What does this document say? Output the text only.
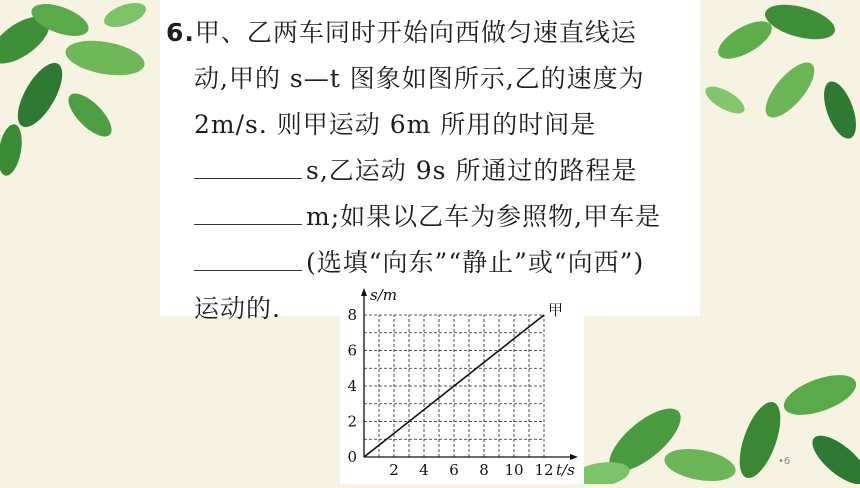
6.甲、乙两车同时开始向西做匀速直线运
动,甲的 s—t 图象如图所示,乙的速度为
2m/s. 则甲运动 6m 所用的时间是
s,乙运动 9s 所通过的路程是
m;如果以乙车为参照物,甲车是
(选填“向东”“静止”或“向西”)
运动的.
2 4 6 8 10 12
2
4
6
8
0
s/m
t/s
甲
•6
